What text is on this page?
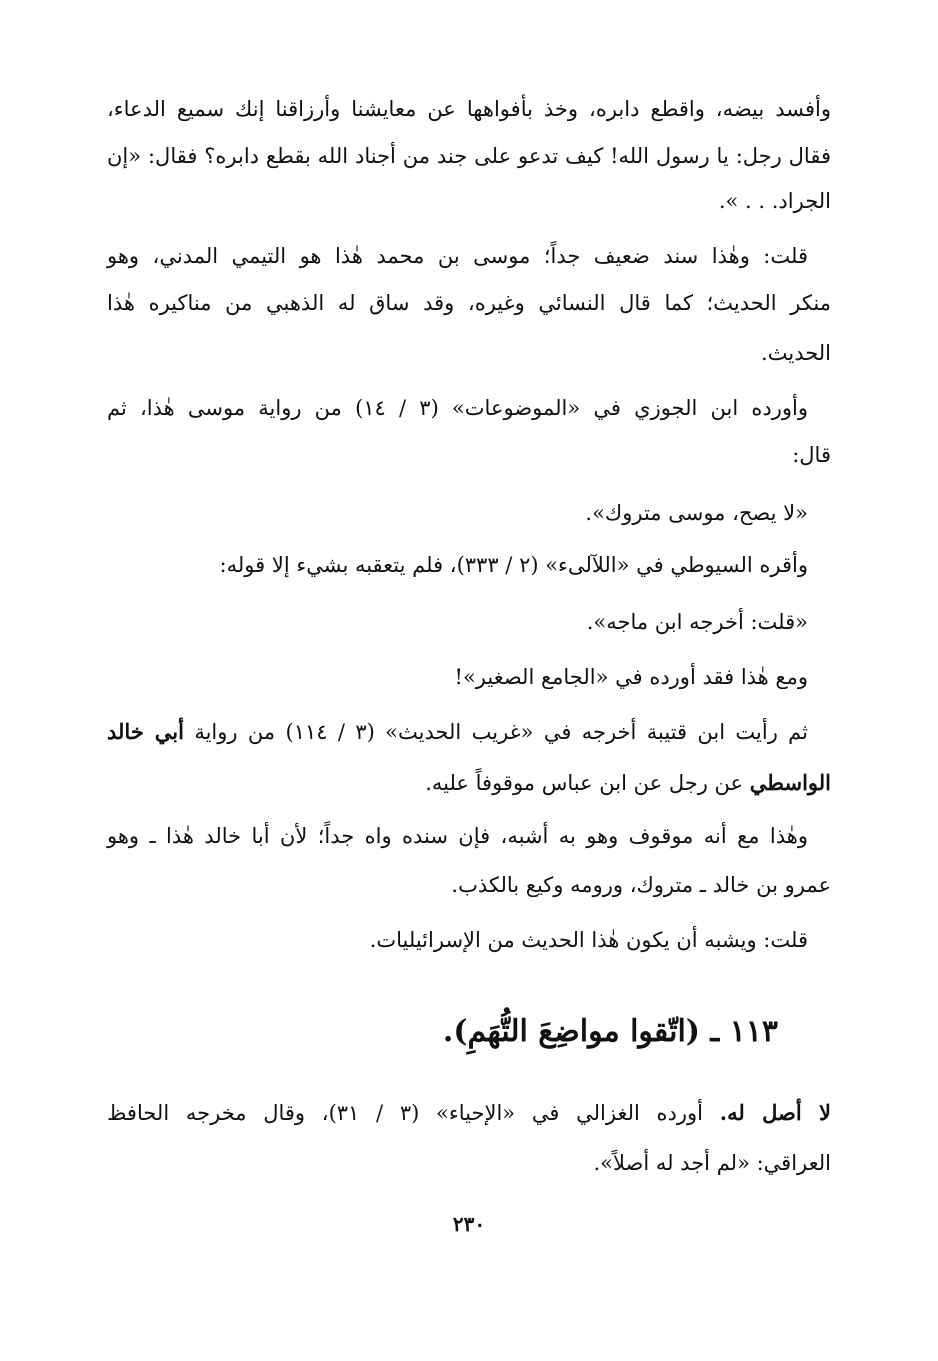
وأفسد بيضه، واقطع دابره، وخذ بأفواهها عن معايشنا وأرزاقنا إنك سميع الدعاء،
فقال رجل: يا رسول الله! كيف تدعو على جند من أجناد الله بقطع دابره؟ فقال: «إن
الجراد. . . ».
قلت: وهٰذا سند ضعيف جداً؛ موسى بن محمد هٰذا هو التيمي المدني، وهو
منكر الحديث؛ كما قال النسائي وغيره، وقد ساق له الذهبي من مناكيره هٰذا
الحديث.
وأورده ابن الجوزي في «الموضوعات» (٣ / ١٤) من رواية موسى هٰذا، ثم
قال:
«لا يصح، موسى متروك».
وأقره السيوطي في «اللآلىء» (٢ / ٣٣٣)، فلم يتعقبه بشيء إلا قوله:
«قلت: أخرجه ابن ماجه».
ومع هٰذا فقد أورده في «الجامع الصغير»!
ثم رأيت ابن قتيبة أخرجه في «غريب الحديث» (٣ / ١١٤) من رواية أبي خالد
الواسطي عن رجل عن ابن عباس موقوفاً عليه.
وهٰذا مع أنه موقوف وهو به أشبه، فإن سنده واه جداً؛ لأن أبا خالد هٰذا ـ وهو
عمرو بن خالد ـ متروك، ورومه وكيع بالكذب.
قلت: ويشبه أن يكون هٰذا الحديث من الإسرائيليات.
١١٣ ـ (اتّقوا مواضِعَ التُّهَمِ).
لا أصل له. أورده الغزالي في «الإحياء» (٣ / ٣١)، وقال مخرجه الحافظ
العراقي: «لم أجد له أصلاً».
٢٣٠
